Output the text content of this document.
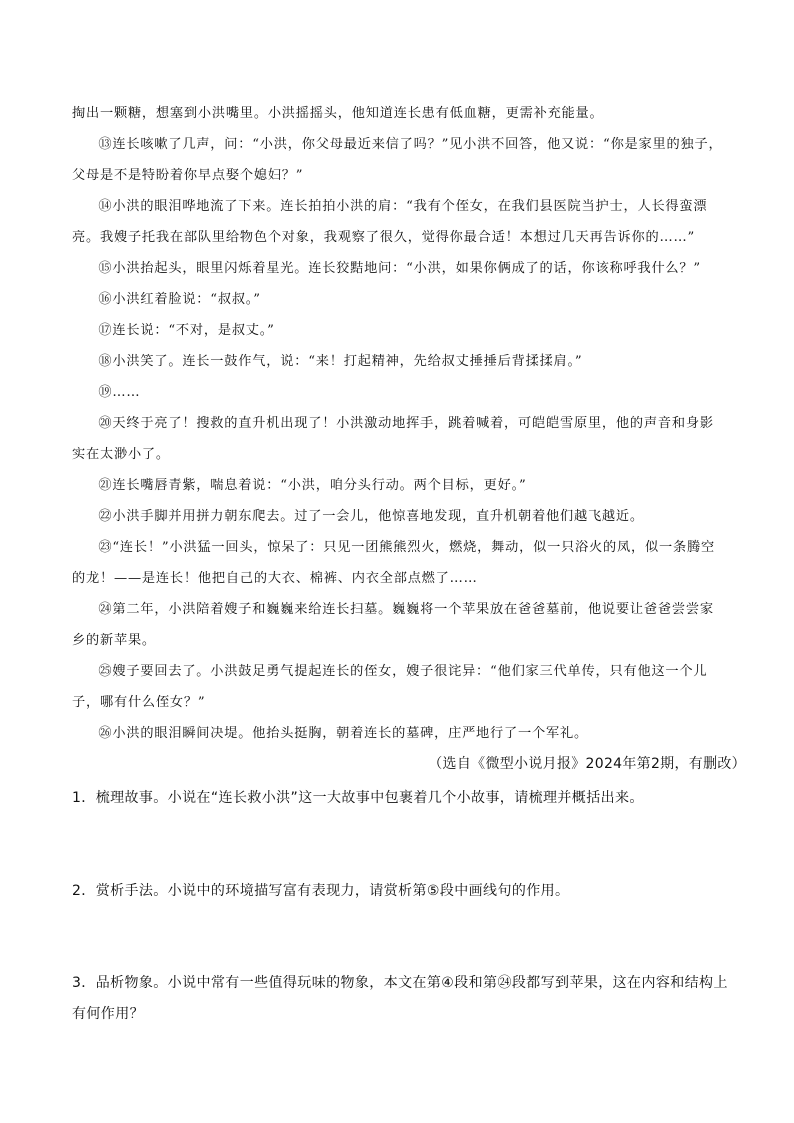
掏出一颗糖，想塞到小洪嘴里。小洪摇摇头，他知道连长患有低血糖，更需补充能量。

⑬连长咳嗽了几声，问：“小洪，你父母最近来信了吗？”见小洪不回答，他又说：“你是家里的独子，父母是不是特盼着你早点娶个媳妇？”

⑭小洪的眼泪哗地流了下来。连长拍拍小洪的肩：“我有个侄女，在我们县医院当护士，人长得蛮漂亮。我嫂子托我在部队里给物色个对象，我观察了很久，觉得你最合适！本想过几天再告诉你的……”

⑮小洪抬起头，眼里闪烁着星光。连长狡黠地问：“小洪，如果你俩成了的话，你该称呼我什么？”

⑯小洪红着脸说：“叔叔。”

⑰连长说：“不对，是叔丈。”

⑱小洪笑了。连长一鼓作气，说：“来！打起精神，先给叔丈捶捶后背揉揉肩。”

⑲……

⑳天终于亮了！搜救的直升机出现了！小洪激动地挥手，跳着喊着，可皑皑雪原里，他的声音和身影实在太渺小了。

㉑连长嘴唇青紫，喘息着说：“小洪，咱分头行动。两个目标，更好。”

㉒小洪手脚并用拼力朝东爬去。过了一会儿，他惊喜地发现，直升机朝着他们越飞越近。

㉓“连长！”小洪猛一回头，惊呆了：只见一团熊熊烈火，燃烧，舞动，似一只浴火的凤，似一条腾空的龙！——是连长！他把自己的大衣、棉裤、内衣全部点燃了……

㉔第二年，小洪陪着嫂子和巍巍来给连长扫墓。巍巍将一个苹果放在爸爸墓前，他说要让爸爸尝尝家乡的新苹果。

㉕嫂子要回去了。小洪鼓足勇气提起连长的侄女，嫂子很诧异：“他们家三代单传，只有他这一个儿子，哪有什么侄女？”

㉖小洪的眼泪瞬间决堤。他抬头挺胸，朝着连长的墓碑，庄严地行了一个军礼。

（选自《微型小说月报》2024年第2期，有删改）

1．梳理故事。小说在“连长救小洪”这一大故事中包裹着几个小故事，请梳理并概括出来。

2．赏析手法。小说中的环境描写富有表现力，请赏析第⑤段中画线句的作用。

3．品析物象。小说中常有一些值得玩味的物象，本文在第④段和第㉔段都写到苹果，这在内容和结构上有何作用？
